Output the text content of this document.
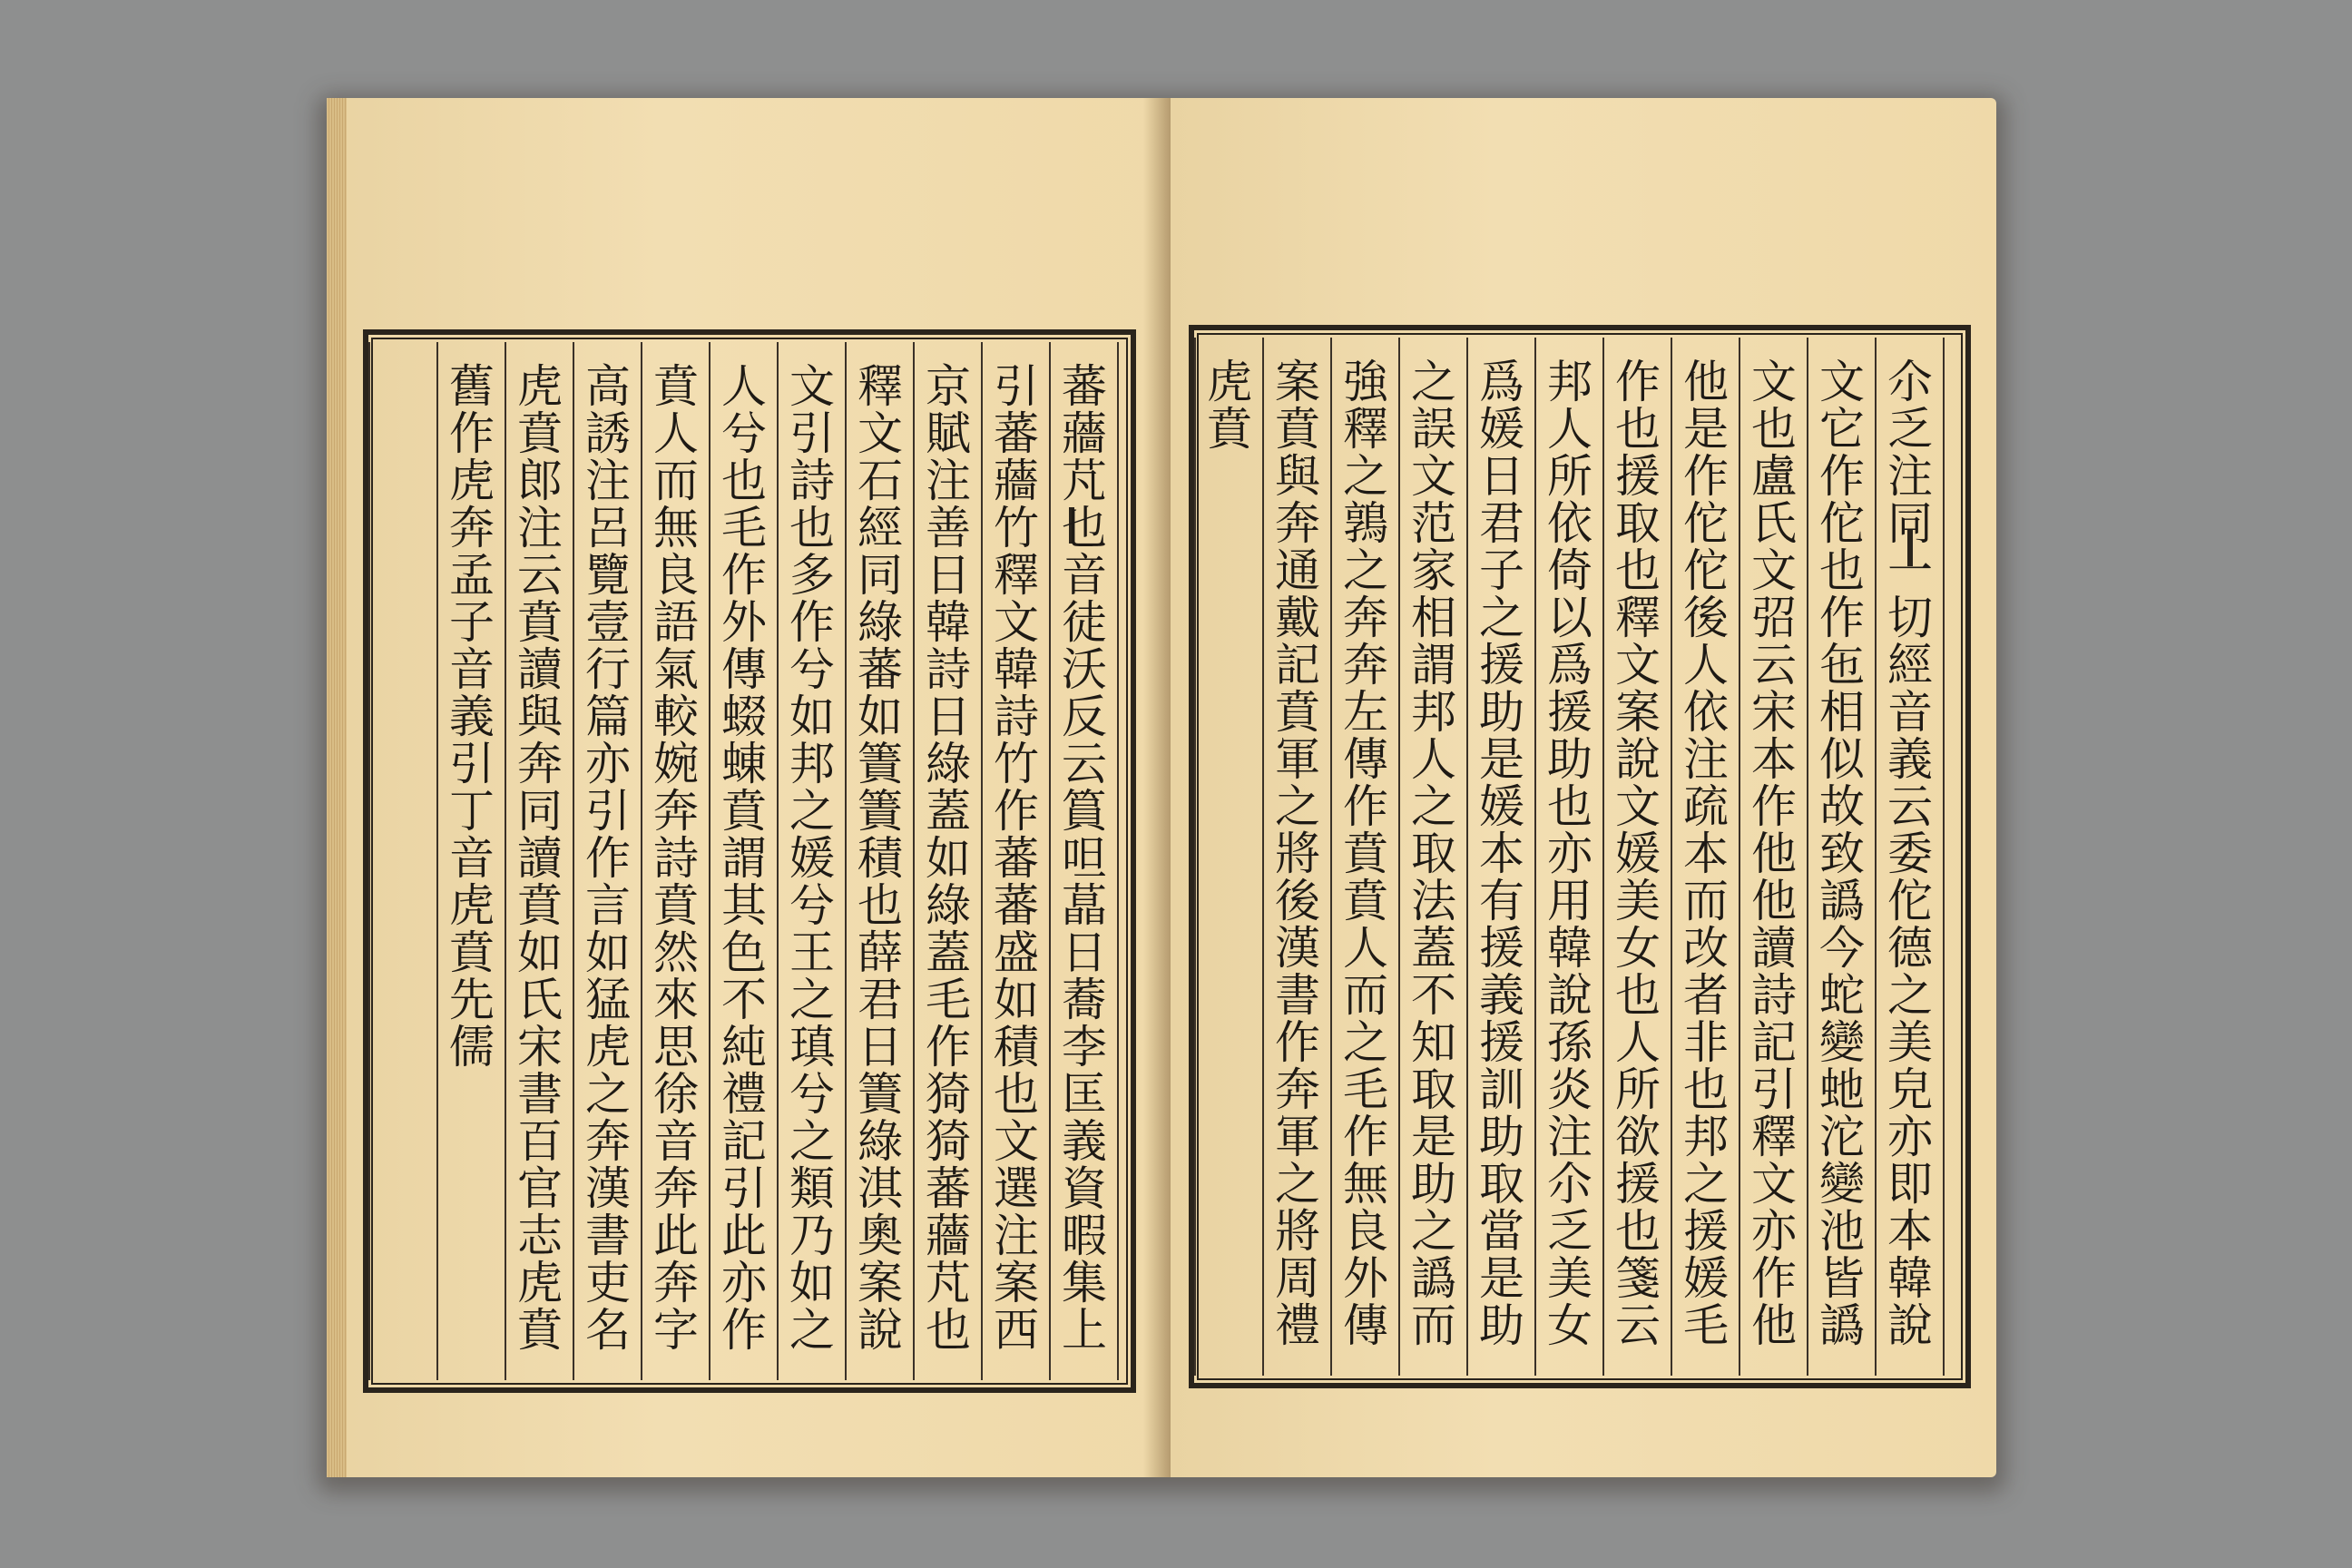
舊作虎奔孟子音義引丁音虎賁先儒 虎賁郎注云賁讀與奔同讀賁如氏宋書百官志虎賁 高誘注呂覽壹行篇亦引作言如猛虎之奔漢書吏名 賁人而無良語氣較婉奔詩賁然來思徐音奔此奔字 人兮也毛作外傳蝃蝀賁謂其色不純禮記引此亦作 文引詩也多作兮如邦之媛兮王之瑱兮之類乃如之 釋文石經同綠蕃如簀簀積也薛君日簀綠淇奧案說 京賦注善日韓詩日綠蓋如綠蓋毛作猗猗蕃蘠芃也 引蕃蘠竹釋文韓詩竹作蕃蕃盛如積也文選注案西 蕃蘠芃也音徒沃反云篔呾蕌日蕎李匡義資暇集上 虎賁 案賁與奔通戴記賁軍之將後漢書作奔軍之將周禮 強釋之鶉之奔奔左傳作賁賁人而之毛作無良外傳 之誤文范家相謂邦人之取法蓋不知取是助之譌而 爲媛日君子之援助是媛本有援義援訓助取當是助 邦人所依倚以爲援助也亦用韓說孫炎注尒乏美女 作也援取也釋文案說文媛美女也人所欲援也箋云 他是作佗佗後人依注疏本而改者非也邦之援媛毛 文也盧氏文弨云宋本作他他讀詩記引釋文亦作他 文它作佗也作㐌相似故致譌今蛇變虵沱變池皆譌 尒乏注同一切經音義云委佗德之美皃亦即本韓說
